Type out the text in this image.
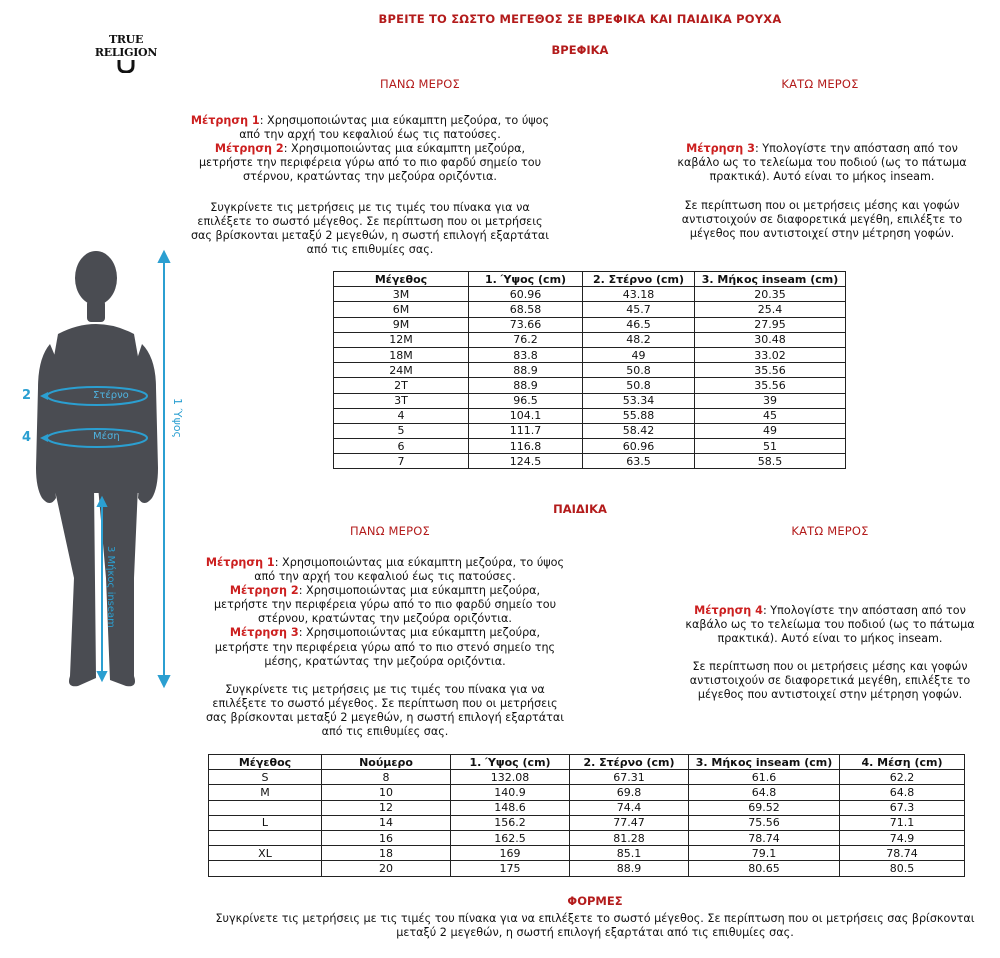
TRUE RELIGION
ΒΡΕΙΤΕ ΤΟ ΣΩΣΤΟ ΜΕΓΕΘΟΣ ΣΕ ΒΡΕΦΙΚΑ ΚΑΙ ΠΑΙΔΙΚΑ ΡΟΥΧΑ
ΒΡΕΦΙΚΑ
ΠΑΝΩ ΜΕΡΟΣ	ΚΑΤΩ ΜΕΡΟΣ
Μέτρηση 1: Χρησιμοποιώντας μια εύκαμπτη μεζούρα, το ύψος από την αρχή του κεφαλιού έως τις πατούσες.
Μέτρηση 2: Χρησιμοποιώντας μια εύκαμπτη μεζούρα, μετρήστε την περιφέρεια γύρω από το πιο φαρδύ σημείο του στέρνου, κρατώντας την μεζούρα οριζόντια.
Συγκρίνετε τις μετρήσεις με τις τιμές του πίνακα για να επιλέξετε το σωστό μέγεθος. Σε περίπτωση που οι μετρήσεις σας βρίσκονται μεταξύ 2 μεγεθών, η σωστή επιλογή εξαρτάται από τις επιθυμίες σας.
Μέτρηση 3: Υπολογίστε την απόσταση από τον καβάλο ως το τελείωμα του ποδιού (ως το πάτωμα πρακτικά). Αυτό είναι το μήκος inseam.
Σε περίπτωση που οι μετρήσεις μέσης και γοφών αντιστοιχούν σε διαφορετικά μεγέθη, επιλέξτε το μέγεθος που αντιστοιχεί στην μέτρηση γοφών.
Μέγεθος	1. Ύψος (cm)	2. Στέρνο (cm)	3. Μήκος inseam (cm)
3M	60.96	43.18	20.35
6M	68.58	45.7	25.4
9M	73.66	46.5	27.95
12M	76.2	48.2	30.48
18M	83.8	49	33.02
24M	88.9	50.8	35.56
2T	88.9	50.8	35.56
3T	96.5	53.34	39
4	104.1	55.88	45
5	111.7	58.42	49
6	116.8	60.96	51
7	124.5	63.5	58.5
2
4
Στέρνο
Μέση	1 Ύψος
3 Μήκος inseam
ΠΑΙΔΙΚΑ
ΠΑΝΩ ΜΕΡΟΣ	ΚΑΤΩ ΜΕΡΟΣ
Μέτρηση 1: Χρησιμοποιώντας μια εύκαμπτη μεζούρα, το ύψος από την αρχή του κεφαλιού έως τις πατούσες.
Μέτρηση 2: Χρησιμοποιώντας μια εύκαμπτη μεζούρα, μετρήστε την περιφέρεια γύρω από το πιο φαρδύ σημείο του στέρνου, κρατώντας την μεζούρα οριζόντια.
Μέτρηση 3: Χρησιμοποιώντας μια εύκαμπτη μεζούρα, μετρήστε την περιφέρεια γύρω από το πιο στενό σημείο της μέσης, κρατώντας την μεζούρα οριζόντια.
Συγκρίνετε τις μετρήσεις με τις τιμές του πίνακα για να επιλέξετε το σωστό μέγεθος. Σε περίπτωση που οι μετρήσεις σας βρίσκονται μεταξύ 2 μεγεθών, η σωστή επιλογή εξαρτάται από τις επιθυμίες σας.
Μέτρηση 4: Υπολογίστε την απόσταση από τον καβάλο ως το τελείωμα του ποδιού (ως το πάτωμα πρακτικά). Αυτό είναι το μήκος inseam.
Σε περίπτωση που οι μετρήσεις μέσης και γοφών αντιστοιχούν σε διαφορετικά μεγέθη, επιλέξτε το μέγεθος που αντιστοιχεί στην μέτρηση γοφών.
Μέγεθος	Νούμερο	1. Ύψος (cm)	2. Στέρνο (cm)	3. Μήκος inseam (cm)	4. Μέση (cm)
S	8	132.08	67.31	61.6	62.2
M	10	140.9	69.8	64.8	64.8
	12	148.6	74.4	69.52	67.3
L	14	156.2	77.47	75.56	71.1
	16	162.5	81.28	78.74	74.9
XL	18	169	85.1	79.1	78.74
	20	175	88.9	80.65	80.5
ΦΟΡΜΕΣ
Συγκρίνετε τις μετρήσεις με τις τιμές του πίνακα για να επιλέξετε το σωστό μέγεθος. Σε περίπτωση που οι μετρήσεις σας βρίσκονται μεταξύ 2 μεγεθών, η σωστή επιλογή εξαρτάται από τις επιθυμίες σας.
